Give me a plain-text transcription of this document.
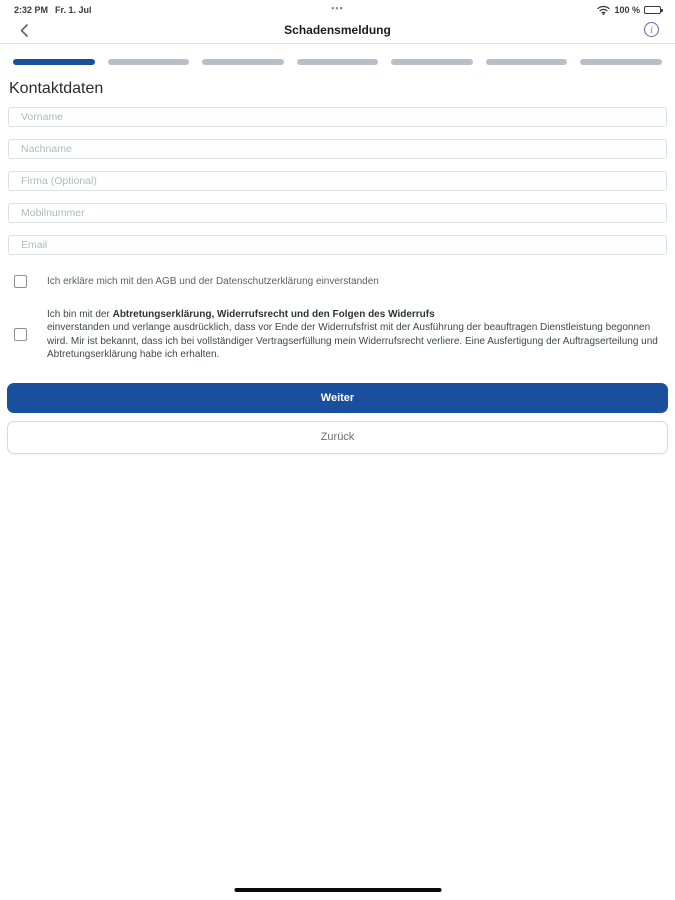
2:32 PM Fr. 1. Jul	•••	100 %
Schadensmeldung	i
Kontaktdaten
Vorname
Nachname
Firma (Optional)
Mobilnummer
Email
Ich erkläre mich mit den AGB und der Datenschutzerklärung einverstanden
Ich bin mit der Abtretungserklärung, Widerrufsrecht und den Folgen des Widerrufs
einverstanden und verlange ausdrücklich, dass vor Ende der Widerrufsfrist mit der Ausführung der beauftragen Dienstleistung begonnen wird. Mir ist bekannt, dass ich bei vollständiger Vertragserfüllung mein Widerrufsrecht verliere. Eine Ausfertigung der Auftragserteilung und Abtretungserklärung habe ich erhalten.
Weiter
Zurück
